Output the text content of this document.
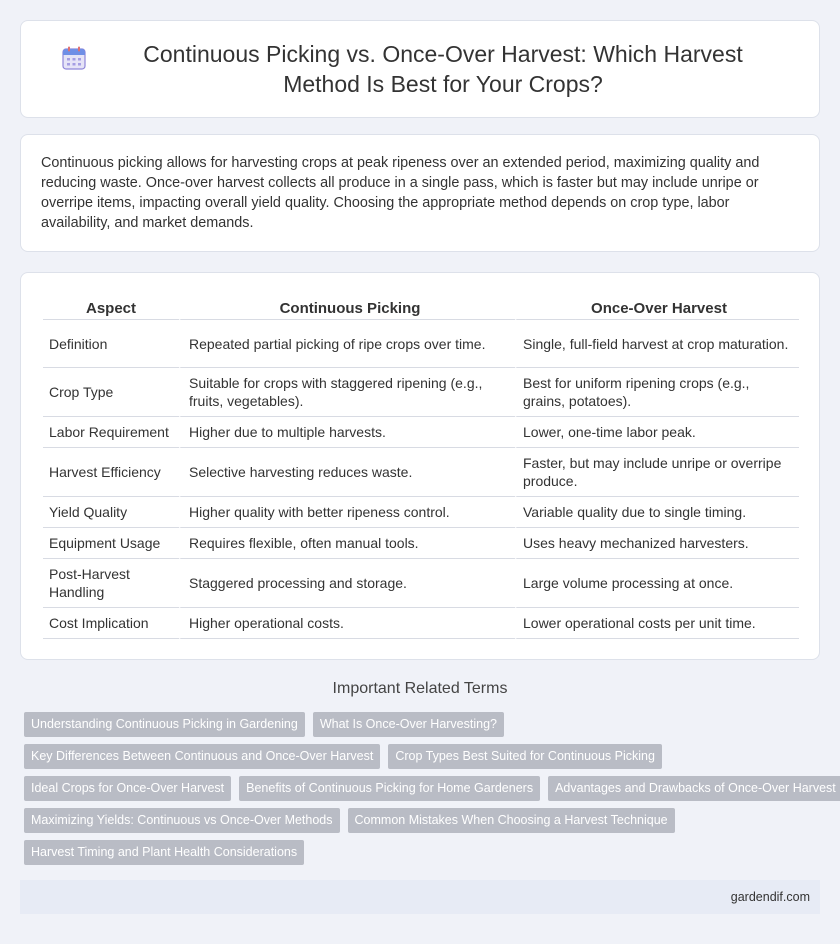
Continuous Picking vs. Once-Over Harvest: Which Harvest Method Is Best for Your Crops?

Continuous picking allows for harvesting crops at peak ripeness over an extended period, maximizing quality and reducing waste. Once-over harvest collects all produce in a single pass, which is faster but may include unripe or overripe items, impacting overall yield quality. Choosing the appropriate method depends on crop type, labor availability, and market demands.

Aspect	Continuous Picking	Once-Over Harvest
Definition	Repeated partial picking of ripe crops over time.	Single, full-field harvest at crop maturation.
Crop Type	Suitable for crops with staggered ripening (e.g., fruits, vegetables).	Best for uniform ripening crops (e.g., grains, potatoes).
Labor Requirement	Higher due to multiple harvests.	Lower, one-time labor peak.
Harvest Efficiency	Selective harvesting reduces waste.	Faster, but may include unripe or overripe produce.
Yield Quality	Higher quality with better ripeness control.	Variable quality due to single timing.
Equipment Usage	Requires flexible, often manual tools.	Uses heavy mechanized harvesters.
Post-Harvest Handling	Staggered processing and storage.	Large volume processing at once.
Cost Implication	Higher operational costs.	Lower operational costs per unit time.
Important Related Terms
Understanding Continuous Picking in Gardening	What Is Once-Over Harvesting?
Key Differences Between Continuous and Once-Over Harvest	Crop Types Best Suited for Continuous Picking
Ideal Crops for Once-Over Harvest	Benefits of Continuous Picking for Home Gardeners	Advantages and Drawbacks of Once-Over Harvest
Maximizing Yields: Continuous vs Once-Over Methods	Common Mistakes When Choosing a Harvest Technique
Harvest Timing and Plant Health Considerations
gardendif.com
